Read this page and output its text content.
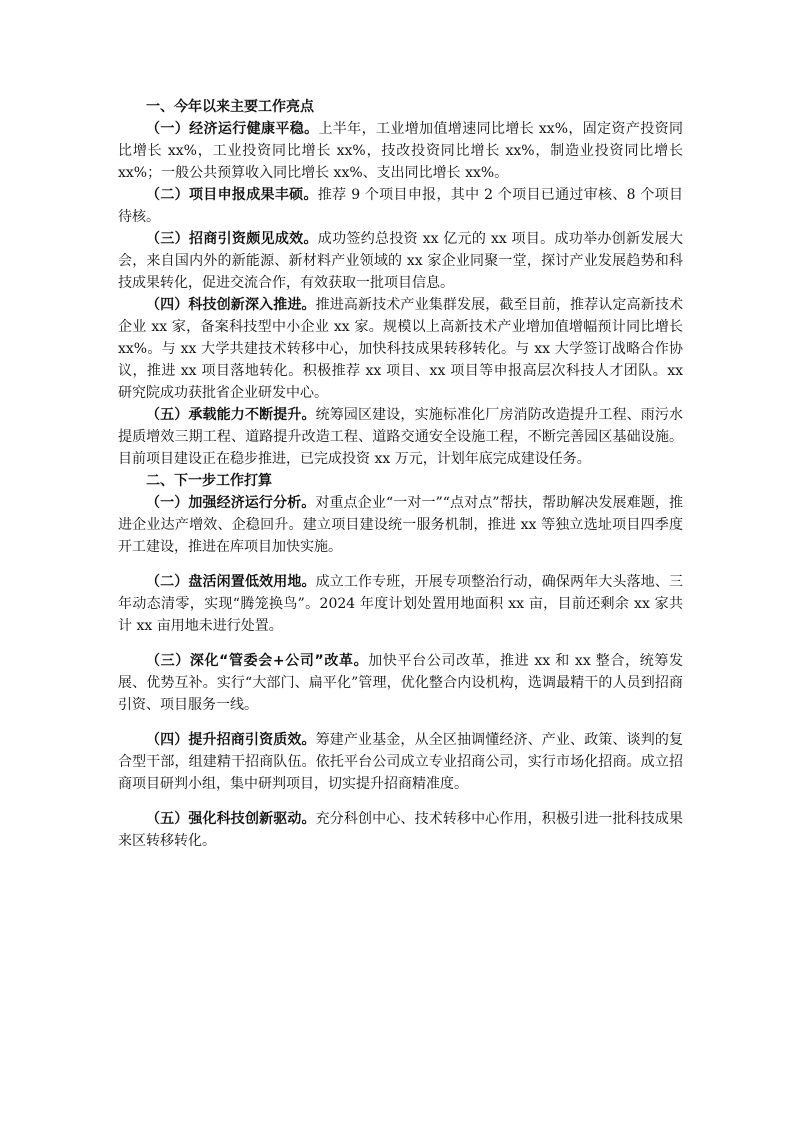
一、今年以来主要工作亮点

（一）经济运行健康平稳。上半年，工业增加值增速同比增长 xx%，固定资产投资同比增长 xx%，工业投资同比增长 xx%，技改投资同比增长 xx%，制造业投资同比增长 xx%；一般公共预算收入同比增长 xx%、支出同比增长 xx%。

（二）项目申报成果丰硕。推荐 9 个项目申报，其中 2 个项目已通过审核、8 个项目待核。

（三）招商引资颇见成效。成功签约总投资 xx 亿元的 xx 项目。成功举办创新发展大会，来自国内外的新能源、新材料产业领域的 xx 家企业同聚一堂，探讨产业发展趋势和科技成果转化，促进交流合作，有效获取一批项目信息。

（四）科技创新深入推进。推进高新技术产业集群发展，截至目前，推荐认定高新技术企业 xx 家，备案科技型中小企业 xx 家。规模以上高新技术产业增加值增幅预计同比增长 xx%。与 xx 大学共建技术转移中心，加快科技成果转移转化。与 xx 大学签订战略合作协议，推进 xx 项目落地转化。积极推荐 xx 项目、xx 项目等申报高层次科技人才团队。xx 研究院成功获批省企业研发中心。

（五）承载能力不断提升。统筹园区建设，实施标准化厂房消防改造提升工程、雨污水提质增效三期工程、道路提升改造工程、道路交通安全设施工程，不断完善园区基础设施。目前项目建设正在稳步推进，已完成投资 xx 万元，计划年底完成建设任务。

二、下一步工作打算

（一）加强经济运行分析。对重点企业“一对一”“点对点”帮扶，帮助解决发展难题，推进企业达产增效、企稳回升。建立项目建设统一服务机制，推进 xx 等独立选址项目四季度开工建设，推进在库项目加快实施。

（二）盘活闲置低效用地。成立工作专班，开展专项整治行动，确保两年大头落地、三年动态清零，实现“腾笼换鸟”。2024 年度计划处置用地面积 xx 亩，目前还剩余 xx 家共计 xx 亩用地未进行处置。

（三）深化“管委会+公司”改革。加快平台公司改革，推进 xx 和 xx 整合，统筹发展、优势互补。实行“大部门、扁平化”管理，优化整合内设机构，选调最精干的人员到招商引资、项目服务一线。

（四）提升招商引资质效。筹建产业基金，从全区抽调懂经济、产业、政策、谈判的复合型干部，组建精干招商队伍。依托平台公司成立专业招商公司，实行市场化招商。成立招商项目研判小组，集中研判项目，切实提升招商精准度。

（五）强化科技创新驱动。充分科创中心、技术转移中心作用，积极引进一批科技成果来区转移转化。
